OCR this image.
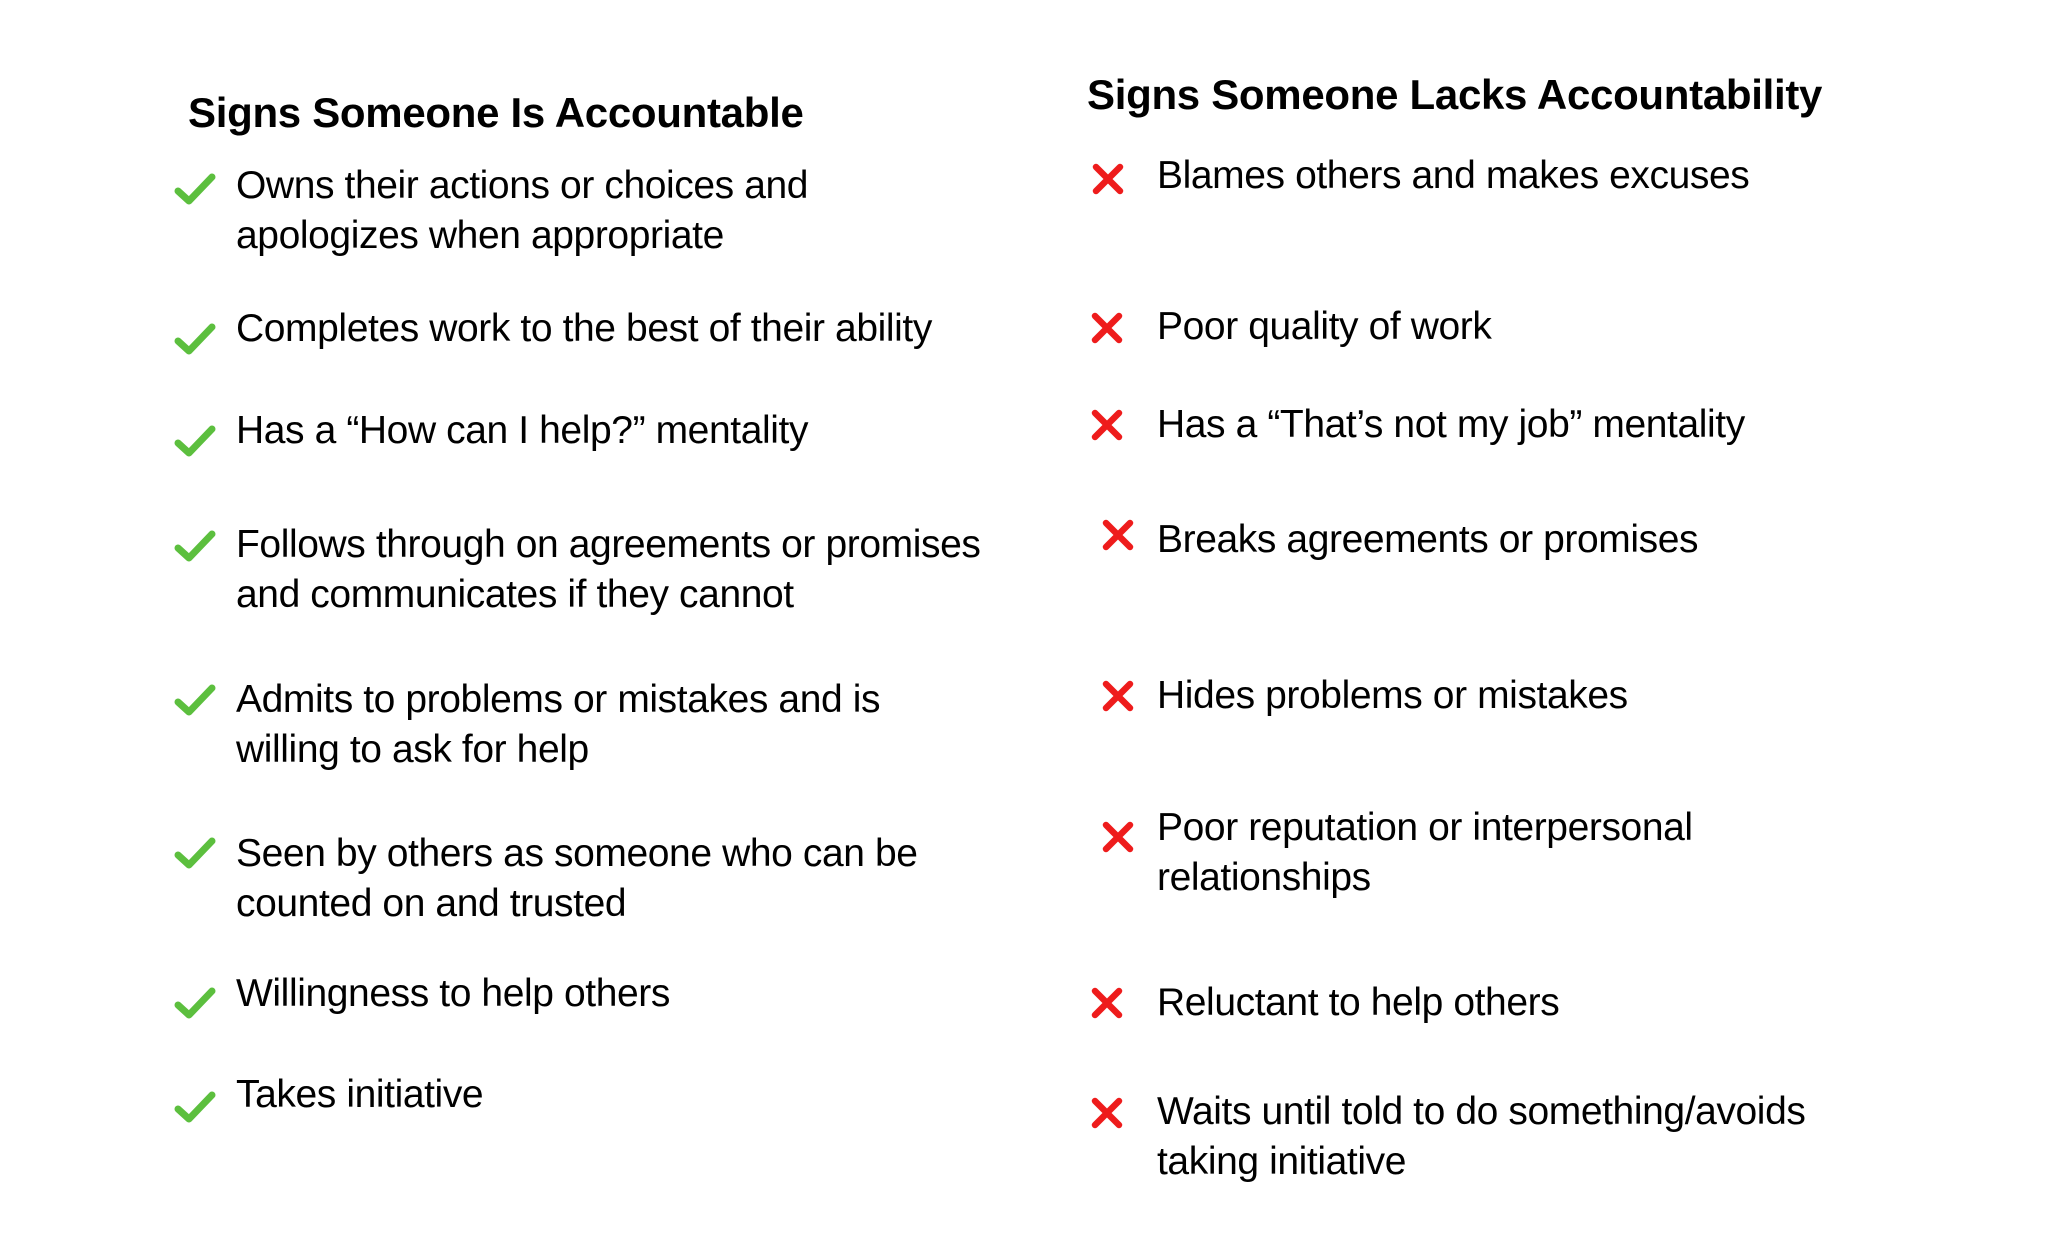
Signs Someone Is Accountable

Owns their actions or choices and
apologizes when appropriate

Completes work to the best of their ability

Has a “How can I help?” mentality

Follows through on agreements or promises
and communicates if they cannot

Admits to problems or mistakes and is
willing to ask for help

Seen by others as someone who can be
counted on and trusted

Willingness to help others

Takes initiative

Signs Someone Lacks Accountability

Blames others and makes excuses

Poor quality of work

Has a “That’s not my job” mentality

Breaks agreements or promises

Hides problems or mistakes

Poor reputation or interpersonal
relationships

Reluctant to help others

Waits until told to do something/avoids
taking initiative
